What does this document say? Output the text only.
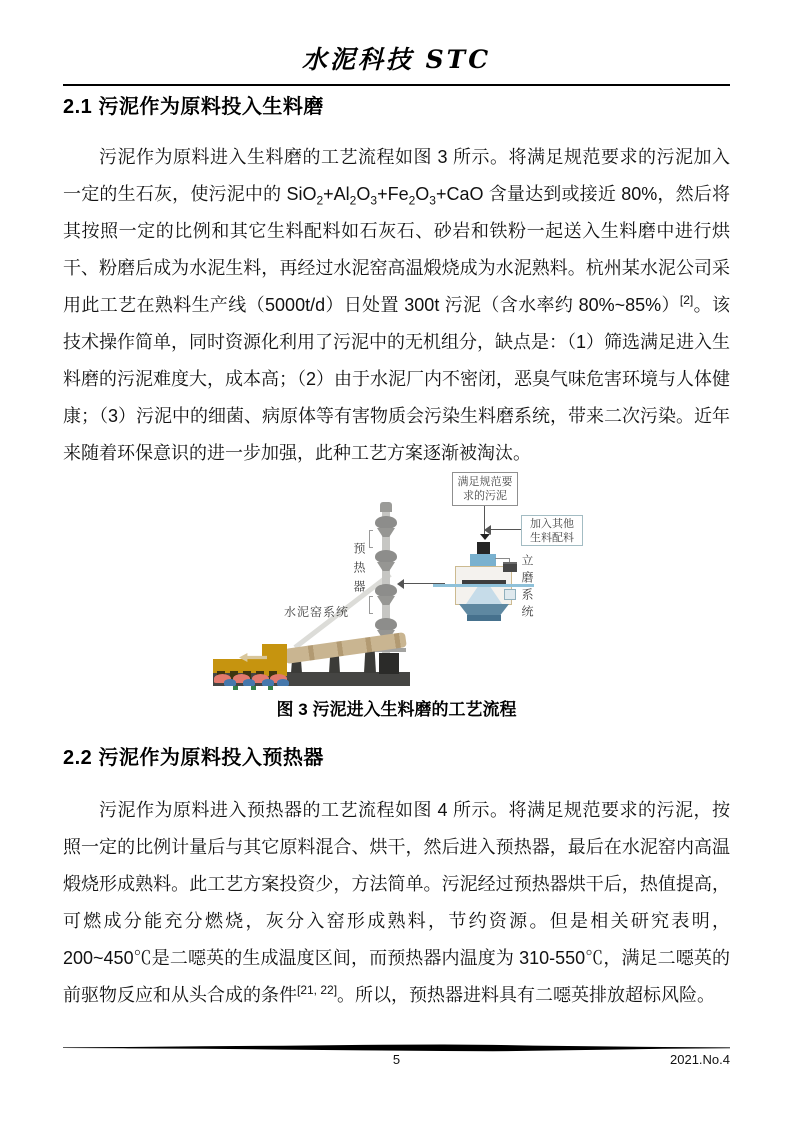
水泥科技 STC
2.1 污泥作为原料投入生料磨

污泥作为原料进入生料磨的工艺流程如图 3 所示。将满足规范要求的污泥加入一定的生石灰，使污泥中的 $SiO_2+Al_2O_3+Fe_2O_3+CaO$ 含量达到或接近 80%，然后将其按照一定的比例和其它生料配料如石灰石、砂岩和铁粉一起送入生料磨中进行烘干、粉磨后成为水泥生料，再经过水泥窑高温煅烧成为水泥熟料。杭州某水泥公司采用此工艺在熟料生产线（5000t/d）日处置 300t 污泥（含水率约 80%~85%）[2]。该技术操作简单，同时资源化利用了污泥中的无机组分，缺点是：（1）筛选满足进入生料磨的污泥难度大，成本高；（2）由于水泥厂内不密闭，恶臭气味危害环境与人体健康；（3）污泥中的细菌、病原体等有害物质会污染生料磨系统，带来二次污染。近年来随着环保意识的进一步加强，此种工艺方案逐渐被淘汰。

满足规范要求的污泥
加入其他生料配料
立磨系统
预热器
水泥窑系统
图 3 污泥进入生料磨的工艺流程
2.2 污泥作为原料投入预热器

污泥作为原料进入预热器的工艺流程如图 4 所示。将满足规范要求的污泥，按照一定的比例计量后与其它原料混合、烘干，然后进入预热器，最后在水泥窑内高温煅烧形成熟料。此工艺方案投资少，方法简单。污泥经过预热器烘干后，热值提高，可燃成分能充分燃烧，灰分入窑形成熟料，节约资源。但是相关研究表明，200~450℃是二噁英的生成温度区间，而预热器内温度为 310-550℃，满足二噁英的前驱物反应和从头合成的条件[21, 22]。所以，预热器进料具有二噁英排放超标风险。

5	2021.No.4
